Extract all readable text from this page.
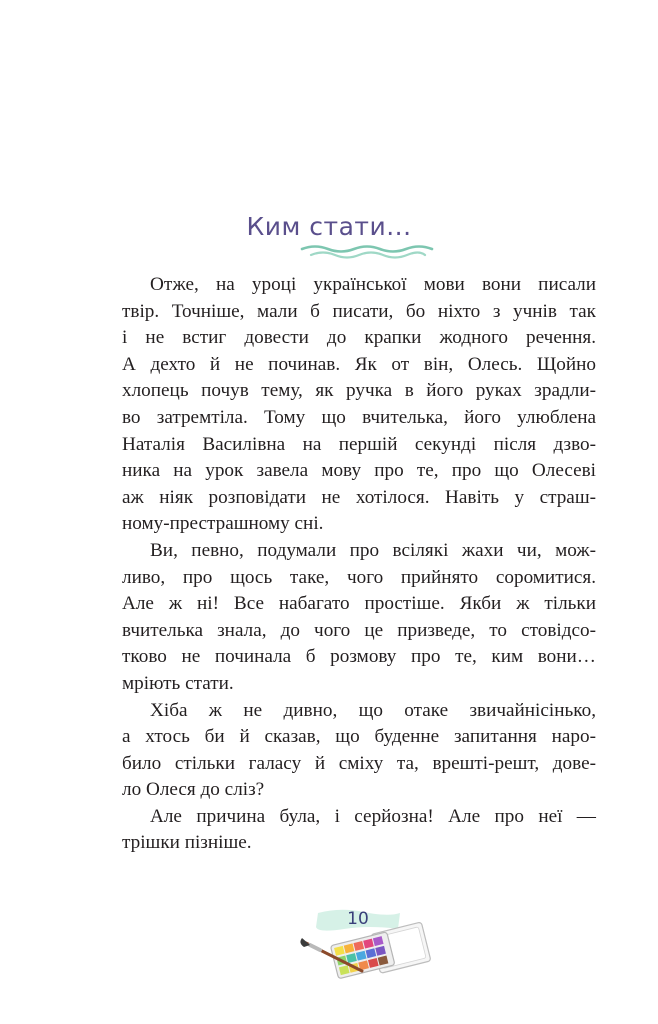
Ким стати...

Отже, на уроці української мови вони писали
твір. Точніше, мали б писати, бо ніхто з учнів так
і не встиг довести до крапки жодного речення.
А дехто й не починав. Як от він, Олесь. Щойно
хлопець почув тему, як ручка в його руках зрадли-
во затремтіла. Тому що вчителька, його улюблена
Наталія Василівна на першій секунді після дзво-
ника на урок завела мову про те, про що Олесеві
аж ніяк розповідати не хотілося. Навіть у страш-
ному-престрашному сні.

Ви, певно, подумали про всілякі жахи чи, мож-
ливо, про щось таке, чого прийнято соромитися.
Але ж ні! Все набагато простіше. Якби ж тільки
вчителька знала, до чого це призведе, то стовідсо-
тково не починала б розмову про те, ким вони…
мріють стати.

Хіба ж не дивно, що отаке звичайнісінько,
а хтось би й сказав, що буденне запитання наро-
било стільки галасу й сміху та, врешті-решт, дове-
ло Олеся до сліз?

Але причина була, і серйозна! Але про неї —
трішки пізніше.

10
